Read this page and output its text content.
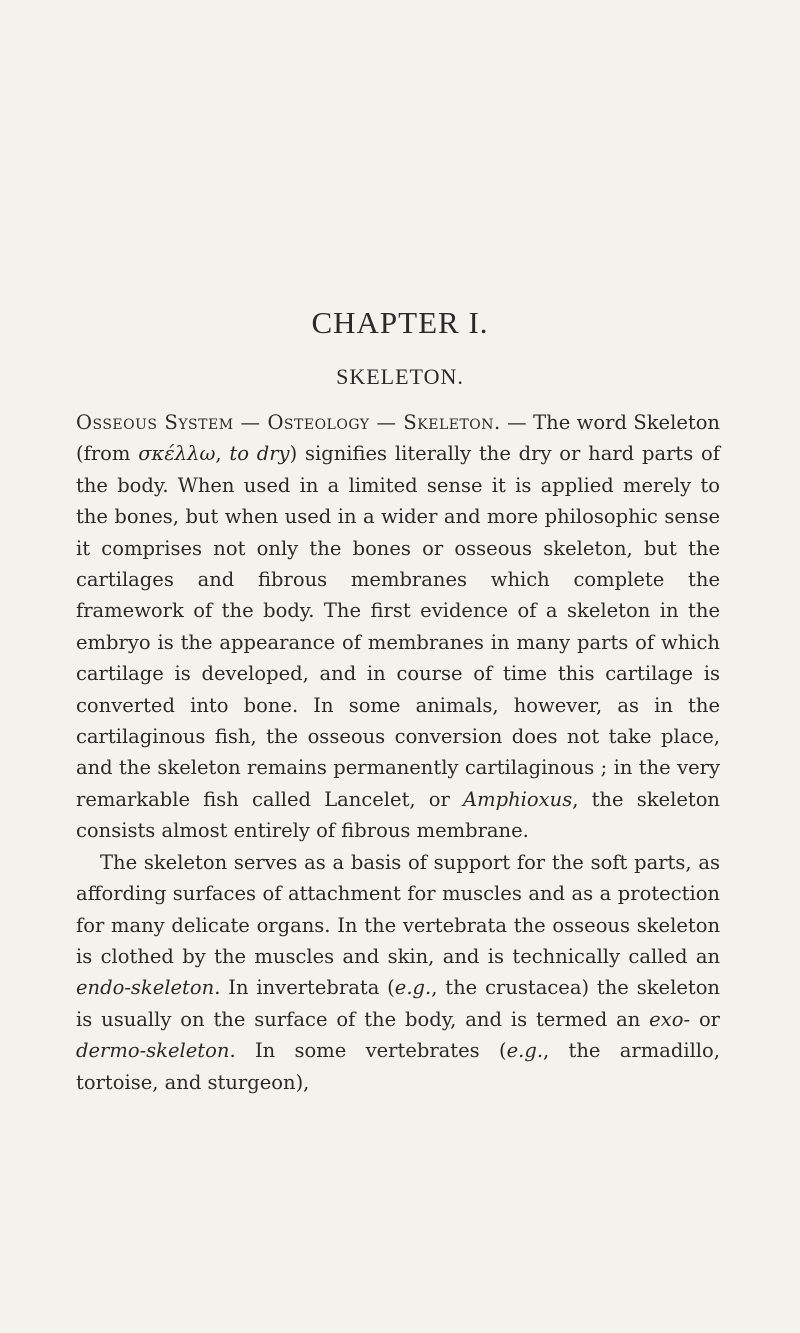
CHAPTER I.
SKELETON.

Osseous System — Osteology — Skeleton. — The word Skeleton (from σκέλλω, to dry) signifies literally the dry or hard parts of the body. When used in a limited sense it is applied merely to the bones, but when used in a wider and more philosophic sense it comprises not only the bones or osseous skeleton, but the cartilages and fibrous membranes which complete the framework of the body. The first evidence of a skeleton in the embryo is the appearance of membranes in many parts of which cartilage is developed, and in course of time this cartilage is converted into bone. In some animals, however, as in the cartilaginous fish, the osseous conversion does not take place, and the skeleton remains permanently cartilaginous ; in the very remarkable fish called Lancelet, or Amphioxus, the skeleton consists almost entirely of fibrous membrane.

The skeleton serves as a basis of support for the soft parts, as affording surfaces of attachment for muscles and as a protection for many delicate organs. In the vertebrata the osseous skeleton is clothed by the muscles and skin, and is technically called an endo-skeleton. In invertebrata (e.g., the crustacea) the skeleton is usually on the surface of the body, and is termed an exo- or dermo-skeleton. In some vertebrates (e.g., the armadillo, tortoise, and sturgeon),
